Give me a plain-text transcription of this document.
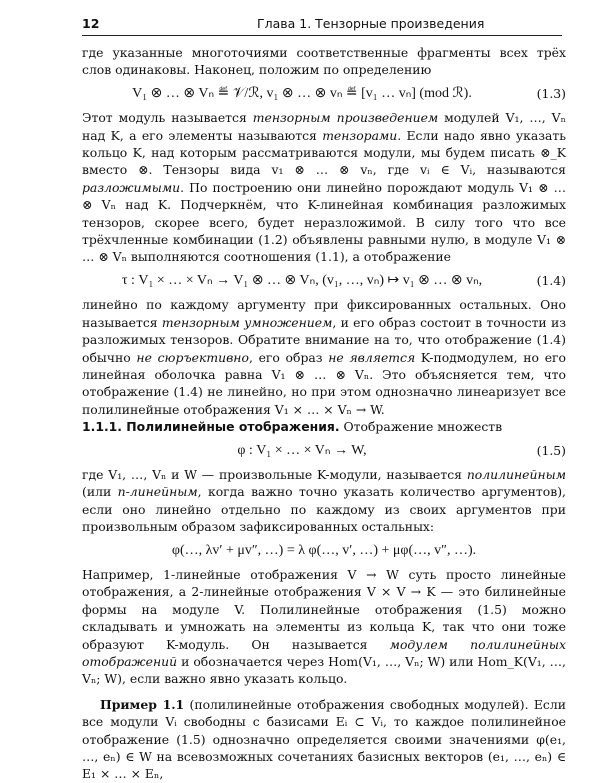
12	Глава 1. Тензорные произведения

где указанные многоточиями соответственные фрагменты всех трёх слов одинаковы. Наконец, положим по определению

V₁ ⊗ … ⊗ Vₙ ≝ 𝒱/ℛ, v₁ ⊗ … ⊗ vₙ ≝ [v₁ … vₙ] (mod ℛ).	(1.3)

Этот модуль называется тензорным произведением модулей V₁, …, Vₙ над K, а его элементы называются тензорами. Если надо явно указать кольцо K, над которым рассматриваются модули, мы будем писать ⊗_K вместо ⊗. Тензоры вида v₁ ⊗ … ⊗ vₙ, где vᵢ ∈ Vᵢ, называются разложимыми. По построению они линейно порождают модуль V₁ ⊗ … ⊗ Vₙ над K. Подчеркнём, что K-линейная комбинация разложимых тензоров, скорее всего, будет неразложимой. В силу того что все трёхчленные комбинации (1.2) объявлены равными нулю, в модуле V₁ ⊗ … ⊗ Vₙ выполняются соотношения (1.1), а отображение

τ : V₁ × … × Vₙ → V₁ ⊗ … ⊗ Vₙ, (v₁, …, vₙ) ↦ v₁ ⊗ … ⊗ vₙ,	(1.4)

линейно по каждому аргументу при фиксированных остальных. Оно называется тензорным умножением, и его образ состоит в точности из разложимых тензоров. Обратите внимание на то, что отображение (1.4) обычно не сюръективно, его образ не является K-подмодулем, но его линейная оболочка равна V₁ ⊗ … ⊗ Vₙ. Это объясняется тем, что отображение (1.4) не линейно, но при этом однозначно линеаризует все полилинейные отображения V₁ × … × Vₙ → W.

1.1.1. Полилинейные отображения. Отображение множеств

φ : V₁ × … × Vₙ → W,	(1.5)

где V₁, …, Vₙ и W — произвольные K-модули, называется полилинейным (или n-линейным, когда важно точно указать количество аргументов), если оно линейно отдельно по каждому из своих аргументов при произвольным образом зафиксированных остальных:

φ(…, λv′ + μv″, …) = λ φ(…, v′, …) + μφ(…, v″, …).

Например, 1-линейные отображения V → W суть просто линейные отображения, а 2-линейные отображения V × V → K — это билинейные формы на модуле V. Полилинейные отображения (1.5) можно складывать и умножать на элементы из кольца K, так что они тоже образуют K-модуль. Он называется модулем полилинейных отображений и обозначается через Hom(V₁, …, Vₙ; W) или Hom_K(V₁, …, Vₙ; W), если важно явно указать кольцо.

Пример 1.1 (полилинейные отображения свободных модулей). Если все модули Vᵢ свободны с базисами Eᵢ ⊂ Vᵢ, то каждое полилинейное отображение (1.5) однозначно определяется своими значениями φ(e₁, …, eₙ) ∈ W на всевозможных сочетаниях базисных векторов (e₁, …, eₙ) ∈ E₁ × … × Eₙ,
